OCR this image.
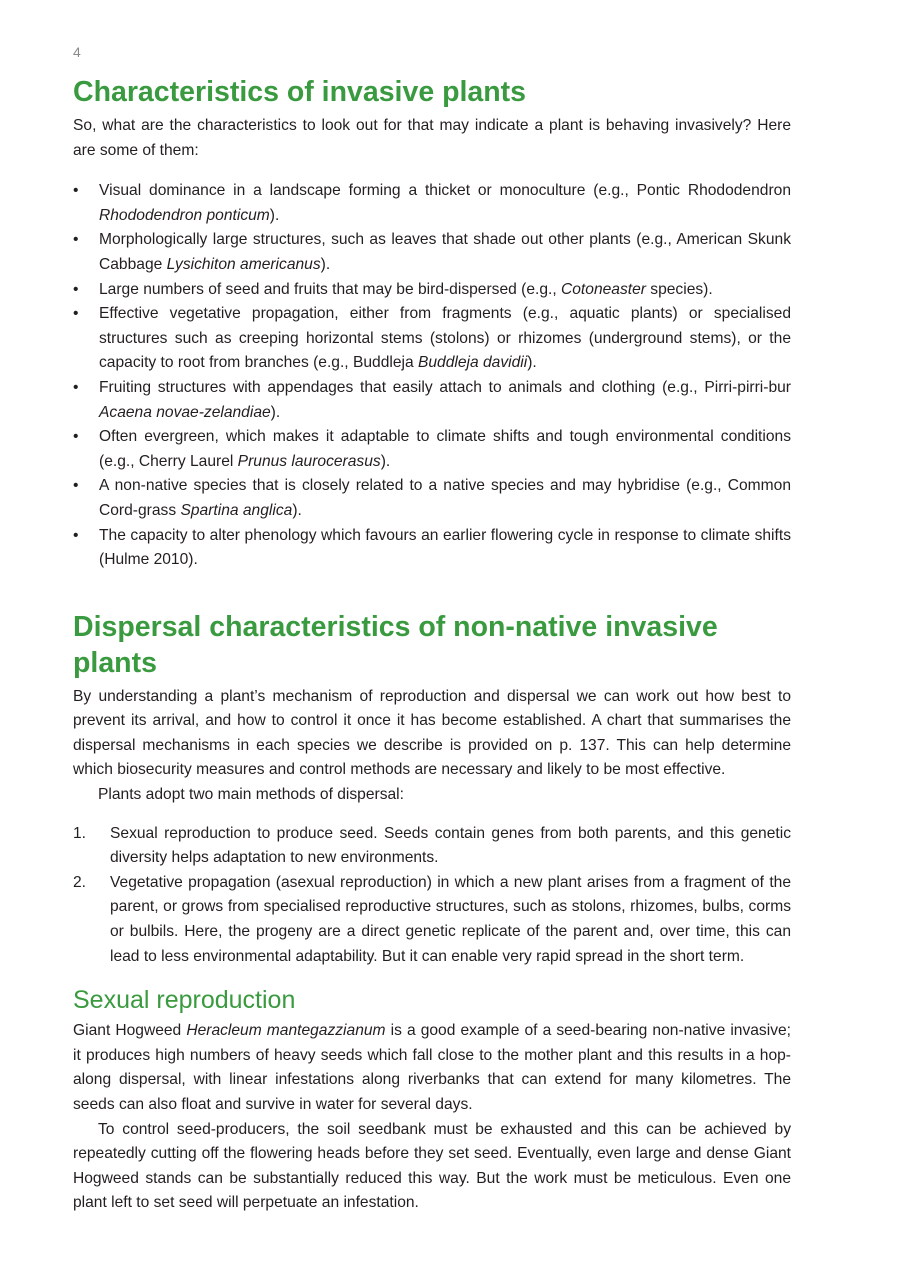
4
Characteristics of invasive plants

So, what are the characteristics to look out for that may indicate a plant is behaving invasively? Here are some of them:

• Visual dominance in a landscape forming a thicket or monoculture (e.g., Pontic Rhododendron Rhododendron ponticum).
• Morphologically large structures, such as leaves that shade out other plants (e.g., American Skunk Cabbage Lysichiton americanus).
• Large numbers of seed and fruits that may be bird-dispersed (e.g., Cotoneaster species).
• Effective vegetative propagation, either from fragments (e.g., aquatic plants) or specialised structures such as creeping horizontal stems (stolons) or rhizomes (underground stems), or the capacity to root from branches (e.g., Buddleja Buddleja davidii).
• Fruiting structures with appendages that easily attach to animals and clothing (e.g., Pirri-pirri-bur Acaena novae-zelandiae).
• Often evergreen, which makes it adaptable to climate shifts and tough environmental conditions (e.g., Cherry Laurel Prunus laurocerasus).
• A non-native species that is closely related to a native species and may hybridise (e.g., Common Cord-grass Spartina anglica).
• The capacity to alter phenology which favours an earlier flowering cycle in response to climate shifts (Hulme 2010).
Dispersal characteristics of non-native invasive plants

By understanding a plant’s mechanism of reproduction and dispersal we can work out how best to prevent its arrival, and how to control it once it has become established. A chart that summarises the dispersal mechanisms in each species we describe is provided on p. 137. This can help determine which biosecurity measures and control methods are necessary and likely to be most effective.

Plants adopt two main methods of dispersal:

1. Sexual reproduction to produce seed. Seeds contain genes from both parents, and this genetic diversity helps adaptation to new environments.
2. Vegetative propagation (asexual reproduction) in which a new plant arises from a fragment of the parent, or grows from specialised reproductive structures, such as stolons, rhizomes, bulbs, corms or bulbils. Here, the progeny are a direct genetic replicate of the parent and, over time, this can lead to less environmental adaptability. But it can enable very rapid spread in the short term.
Sexual reproduction

Giant Hogweed Heracleum mantegazzianum is a good example of a seed-bearing non-native invasive; it produces high numbers of heavy seeds which fall close to the mother plant and this results in a hop-along dispersal, with linear infestations along riverbanks that can extend for many kilometres. The seeds can also float and survive in water for several days.

To control seed-producers, the soil seedbank must be exhausted and this can be achieved by repeatedly cutting off the flowering heads before they set seed. Eventually, even large and dense Giant Hogweed stands can be substantially reduced this way. But the work must be meticulous. Even one plant left to set seed will perpetuate an infestation.
